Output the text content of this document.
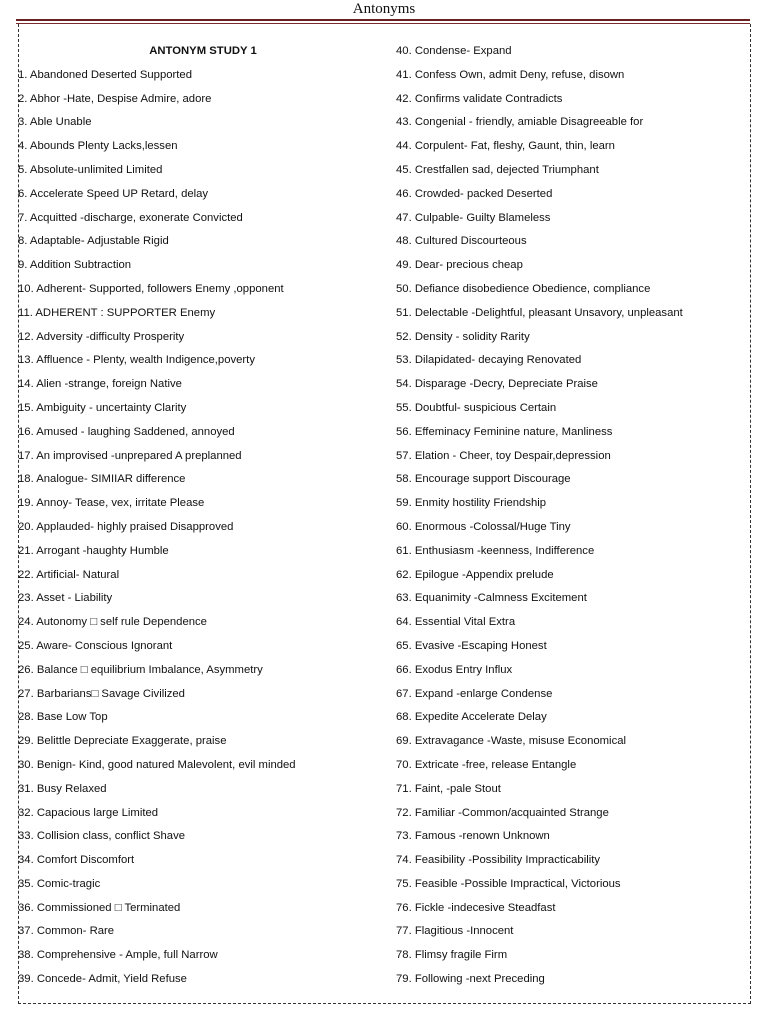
Antonyms
ANTONYM STUDY 1
1. Abandoned Deserted Supported
2. Abhor -Hate, Despise Admire, adore
3. Able Unable
4. Abounds Plenty Lacks,lessen
5. Absolute-unlimited Limited
6. Accelerate Speed UP Retard, delay
7. Acquitted -discharge, exonerate Convicted
8. Adaptable- Adjustable Rigid
9. Addition Subtraction
10. Adherent- Supported, followers Enemy ,opponent
11. ADHERENT : SUPPORTER Enemy
12. Adversity -difficulty Prosperity
13. Affluence - Plenty, wealth Indigence,poverty
14. Alien -strange, foreign Native
15. Ambiguity - uncertainty Clarity
16. Amused - laughing Saddened, annoyed
17. An improvised -unprepared A preplanned
18. Analogue- SIMIIAR difference
19. Annoy- Tease, vex, irritate Please
20. Applauded- highly praised Disapproved
21. Arrogant -haughty Humble
22. Artificial- Natural
23. Asset - Liability
24. Autonomy □ self rule Dependence
25. Aware- Conscious Ignorant
26. Balance □ equilibrium Imbalance, Asymmetry
27. Barbarians□ Savage Civilized
28. Base Low Top
29. Belittle Depreciate Exaggerate, praise
30. Benign- Kind, good natured Malevolent, evil minded
31. Busy Relaxed
32. Capacious large Limited
33. Collision class, conflict Shave
34. Comfort Discomfort
35. Comic-tragic
36. Commissioned □ Terminated
37. Common- Rare
38. Comprehensive - Ample, full Narrow
39. Concede- Admit, Yield Refuse
40. Condense- Expand
41. Confess Own, admit Deny, refuse, disown
42. Confirms validate Contradicts
43. Congenial - friendly, amiable Disagreeable for
44. Corpulent- Fat, fleshy, Gaunt, thin, learn
45. Crestfallen sad, dejected Triumphant
46. Crowded- packed Deserted
47. Culpable- Guilty Blameless
48. Cultured Discourteous
49. Dear- precious cheap
50. Defiance disobedience Obedience, compliance
51. Delectable -Delightful, pleasant Unsavory, unpleasant
52. Density - solidity Rarity
53. Dilapidated- decaying Renovated
54. Disparage -Decry, Depreciate Praise
55. Doubtful- suspicious Certain
56. Effeminacy Feminine nature, Manliness
57. Elation - Cheer, toy Despair,depression
58. Encourage support Discourage
59. Enmity hostility Friendship
60. Enormous -Colossal/Huge Tiny
61. Enthusiasm -keenness, Indifference
62. Epilogue -Appendix prelude
63. Equanimity -Calmness Excitement
64. Essential Vital Extra
65. Evasive -Escaping Honest
66. Exodus Entry Influx
67. Expand -enlarge Condense
68. Expedite Accelerate Delay
69. Extravagance -Waste, misuse Economical
70. Extricate -free, release Entangle
71. Faint, -pale Stout
72. Familiar -Common/acquainted Strange
73. Famous -renown Unknown
74. Feasibility -Possibility Impracticability
75. Feasible -Possible Impractical, Victorious
76. Fickle -indecesive Steadfast
77. Flagitious -Innocent
78. Flimsy fragile Firm
79. Following -next Preceding
